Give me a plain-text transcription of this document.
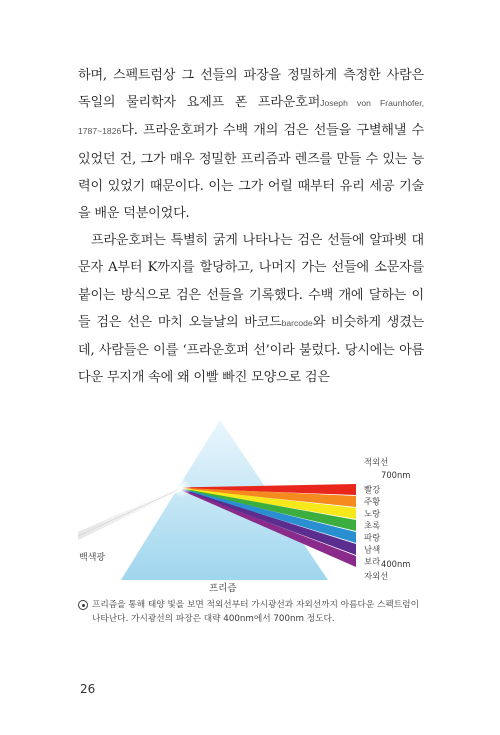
하며, 스펙트럼상 그 선들의 파장을 정밀하게 측정한 사람은 독일의 물리학자 요제프 폰 프라운호퍼Joseph von Fraunhofer, 1787~1826다. 프라운호퍼가 수백 개의 검은 선들을 구별해낼 수 있었던 건, 그가 매우 정밀한 프리즘과 렌즈를 만들 수 있는 능력이 있었기 때문이다. 이는 그가 어릴 때부터 유리 세공 기술을 배운 덕분이었다.

프라운호퍼는 특별히 굵게 나타나는 검은 선들에 알파벳 대문자 A부터 K까지를 할당하고, 나머지 가는 선들에 소문자를 붙이는 방식으로 검은 선들을 기록했다. 수백 개에 달하는 이들 검은 선은 마치 오늘날의 바코드barcode와 비슷하게 생겼는데, 사람들은 이를 ‘프라운호퍼 선’이라 불렀다. 당시에는 아름다운 무지개 속에 왜 이빨 빠진 모양으로 검은

백색광
프리즘
적외선
700nm
빨강
주황
노랑
초록
파랑
남색
보라 400nm
자외선
프리즘을 통해 태양 빛을 보면 적외선부터 가시광선과 자외선까지 아름다운 스펙트럼이 나타난다. 가시광선의 파장은 대략 400nm에서 700nm 정도다.
26
